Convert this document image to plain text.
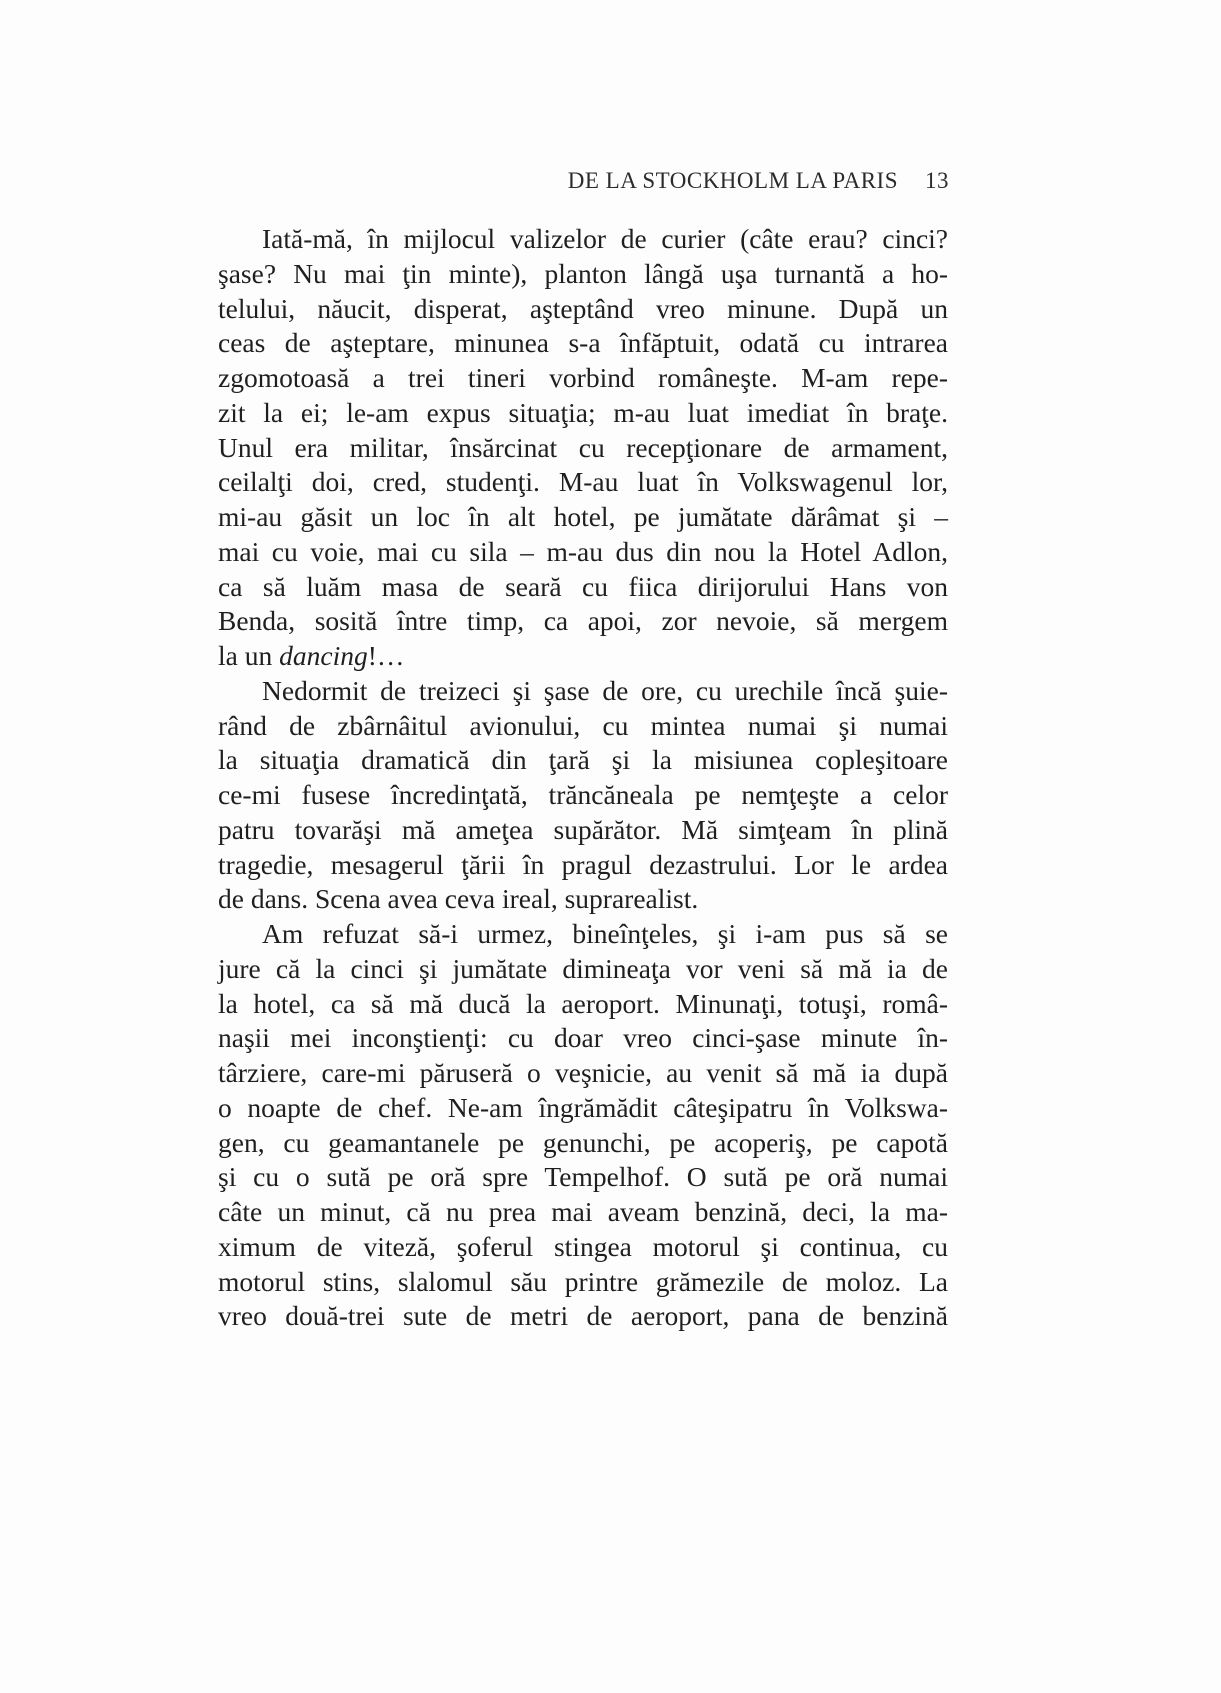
DE LA STOCKHOLM LA PARIS 13
Iată-mă, în mijlocul valizelor de curier (câte erau? cinci?
şase? Nu mai ţin minte), planton lângă uşa turnantă a ho-
telului, năucit, disperat, aşteptând vreo minune. După un
ceas de aşteptare, minunea s-a înfăptuit, odată cu intrarea
zgomotoasă a trei tineri vorbind româneşte. M-am repe-
zit la ei; le-am expus situaţia; m-au luat imediat în braţe.
Unul era militar, însărcinat cu recepţionare de armament,
ceilalţi doi, cred, studenţi. M-au luat în Volkswagenul lor,
mi-au găsit un loc în alt hotel, pe jumătate dărâmat şi –
mai cu voie, mai cu sila – m-au dus din nou la Hotel Adlon,
ca să luăm masa de seară cu fiica dirijorului Hans von
Benda, sosită între timp, ca apoi, zor nevoie, să mergem
la un dancing!…
Nedormit de treizeci şi şase de ore, cu urechile încă şuie-
rând de zbârnâitul avionului, cu mintea numai şi numai
la situaţia dramatică din ţară şi la misiunea copleşitoare
ce-mi fusese încredinţată, trăncăneala pe nemţeşte a celor
patru tovarăşi mă ameţea supărător. Mă simţeam în plină
tragedie, mesagerul ţării în pragul dezastrului. Lor le ardea
de dans. Scena avea ceva ireal, suprarealist.
Am refuzat să-i urmez, bineînţeles, şi i-am pus să se
jure că la cinci şi jumătate dimineaţa vor veni să mă ia de
la hotel, ca să mă ducă la aeroport. Minunaţi, totuşi, româ-
naşii mei inconştienţi: cu doar vreo cinci-şase minute în-
târziere, care-mi păruseră o veşnicie, au venit să mă ia după
o noapte de chef. Ne-am îngrămădit câteşipatru în Volkswa-
gen, cu geamantanele pe genunchi, pe acoperiş, pe capotă
şi cu o sută pe oră spre Tempelhof. O sută pe oră numai
câte un minut, că nu prea mai aveam benzină, deci, la ma-
ximum de viteză, şoferul stingea motorul şi continua, cu
motorul stins, slalomul său printre grămezile de moloz. La
vreo două-trei sute de metri de aeroport, pana de benzină
